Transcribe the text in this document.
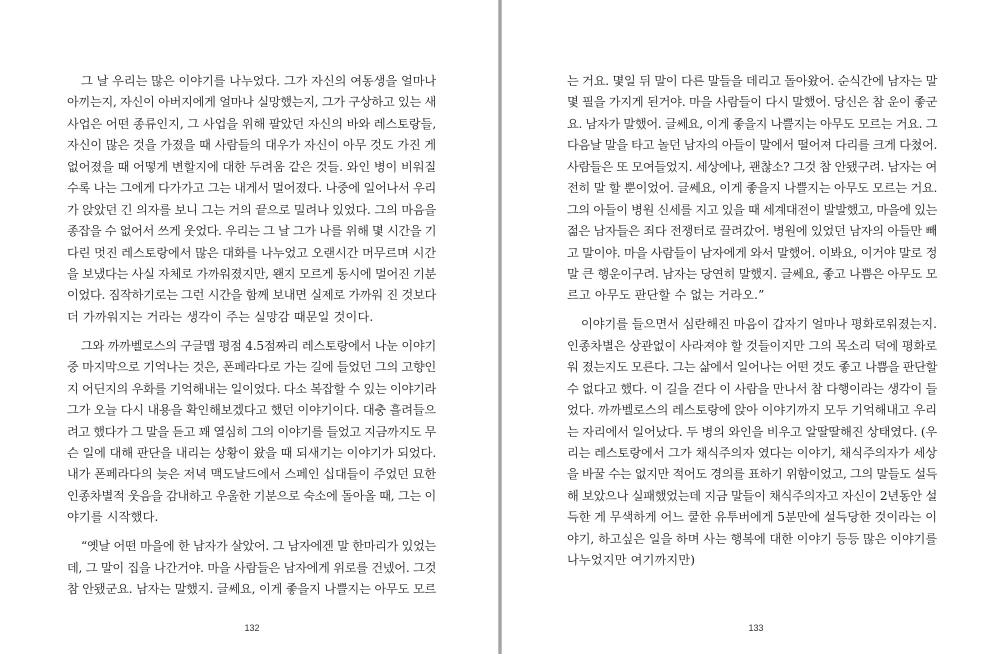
그 날 우리는 많은 이야기를 나누었다. 그가 자신의 여동생을 얼마나
아끼는지, 자신이 아버지에게 얼마나 실망했는지, 그가 구상하고 있는 새
사업은 어떤 종류인지, 그 사업을 위해 팔았던 자신의 바와 레스토랑들,
자신이 많은 것을 가졌을 때 사람들의 대우가 자신이 아무 것도 가진 게
없어졌을 때 어떻게 변할지에 대한 두려움 같은 것들. 와인 병이 비워질
수록 나는 그에게 다가가고 그는 내게서 멀어졌다. 나중에 일어나서 우리
가 앉았던 긴 의자를 보니 그는 거의 끝으로 밀려나 있었다. 그의 마음을
종잡을 수 없어서 쓰게 웃었다. 우리는 그 날 그가 나를 위해 몇 시간을 기
다린 멋진 레스토랑에서 많은 대화를 나누었고 오랜시간 머무르며 시간
을 보냈다는 사실 자체로 가까워졌지만, 왠지 모르게 동시에 멀어진 기분
이었다. 짐작하기로는 그런 시간을 함께 보내면 실제로 가까워 진 것보다
더 가까워지는 거라는 생각이 주는 실망감 때문일 것이다.
그와 까까벨로스의 구글맵 평점 4.5점짜리 레스토랑에서 나눈 이야기
중 마지막으로 기억나는 것은, 폰페라다로 가는 길에 들었던 그의 고향인
지 어딘지의 우화를 기억해내는 일이었다. 다소 복잡할 수 있는 이야기라
그가 오늘 다시 내용을 확인해보겠다고 했던 이야기이다. 대충 흘려들으
려고 했다가 그 말을 듣고 꽤 열심히 그의 이야기를 들었고 지금까지도 무
슨 일에 대해 판단을 내리는 상황이 왔을 때 되새기는 이야기가 되었다.
내가 폰페라다의 늦은 저녁 맥도날드에서 스페인 십대들이 주었던 묘한
인종차별적 웃음을 감내하고 우울한 기분으로 숙소에 돌아올 때, 그는 이
야기를 시작했다.
“옛날 어떤 마을에 한 남자가 살았어. 그 남자에겐 말 한마리가 있었는
데, 그 말이 집을 나간거야. 마을 사람들은 남자에게 위로를 건넸어. 그것
참 안됐군요. 남자는 말했지. 글쎄요, 이게 좋을지 나쁠지는 아무도 모르
132
는 거요. 몇일 뒤 말이 다른 말들을 데리고 돌아왔어. 순식간에 남자는 말
몇 필을 가지게 된거야. 마을 사람들이 다시 말했어. 당신은 참 운이 좋군
요. 남자가 말했어. 글쎄요, 이게 좋을지 나쁠지는 아무도 모르는 거요. 그
다음날 말을 타고 놀던 남자의 아들이 말에서 떨어져 다리를 크게 다쳤어.
사람들은 또 모여들었지. 세상에나, 괜찮소? 그것 참 안됐구려. 남자는 여
전히 말 할 뿐이었어. 글쎄요, 이게 좋을지 나쁠지는 아무도 모르는 거요.
그의 아들이 병원 신세를 지고 있을 때 세계대전이 발발했고, 마을에 있는
젊은 남자들은 죄다 전쟁터로 끌려갔어. 병원에 있었던 남자의 아들만 빼
고 말이야. 마을 사람들이 남자에게 와서 말했어. 이봐요, 이거야 말로 정
말 큰 행운이구려. 남자는 당연히 말했지. 글쎄요, 좋고 나쁨은 아무도 모
르고 아무도 판단할 수 없는 거라오.”
이야기를 들으면서 심란해진 마음이 갑자기 얼마나 평화로워졌는지.
인종차별은 상관없이 사라져야 할 것들이지만 그의 목소리 덕에 평화로
워 졌는지도 모른다. 그는 삶에서 일어나는 어떤 것도 좋고 나쁨을 판단할
수 없다고 했다. 이 길을 걷다 이 사람을 만나서 참 다행이라는 생각이 들
었다. 까까벨로스의 레스토랑에 앉아 이야기까지 모두 기억해내고 우리
는 자리에서 일어났다. 두 병의 와인을 비우고 알딸딸해진 상태였다. (우
리는 레스토랑에서 그가 채식주의자 였다는 이야기, 채식주의자가 세상
을 바꿀 수는 없지만 적어도 경의를 표하기 위함이었고, 그의 말들도 설득
해 보았으나 실패했었는데 지금 말들이 채식주의자고 자신이 2년동안 설
득한 게 무색하게 어느 쿨한 유투버에게 5분만에 설득당한 것이라는 이
야기, 하고싶은 일을 하며 사는 행복에 대한 이야기 등등 많은 이야기를
나누었지만 여기까지만)
133
